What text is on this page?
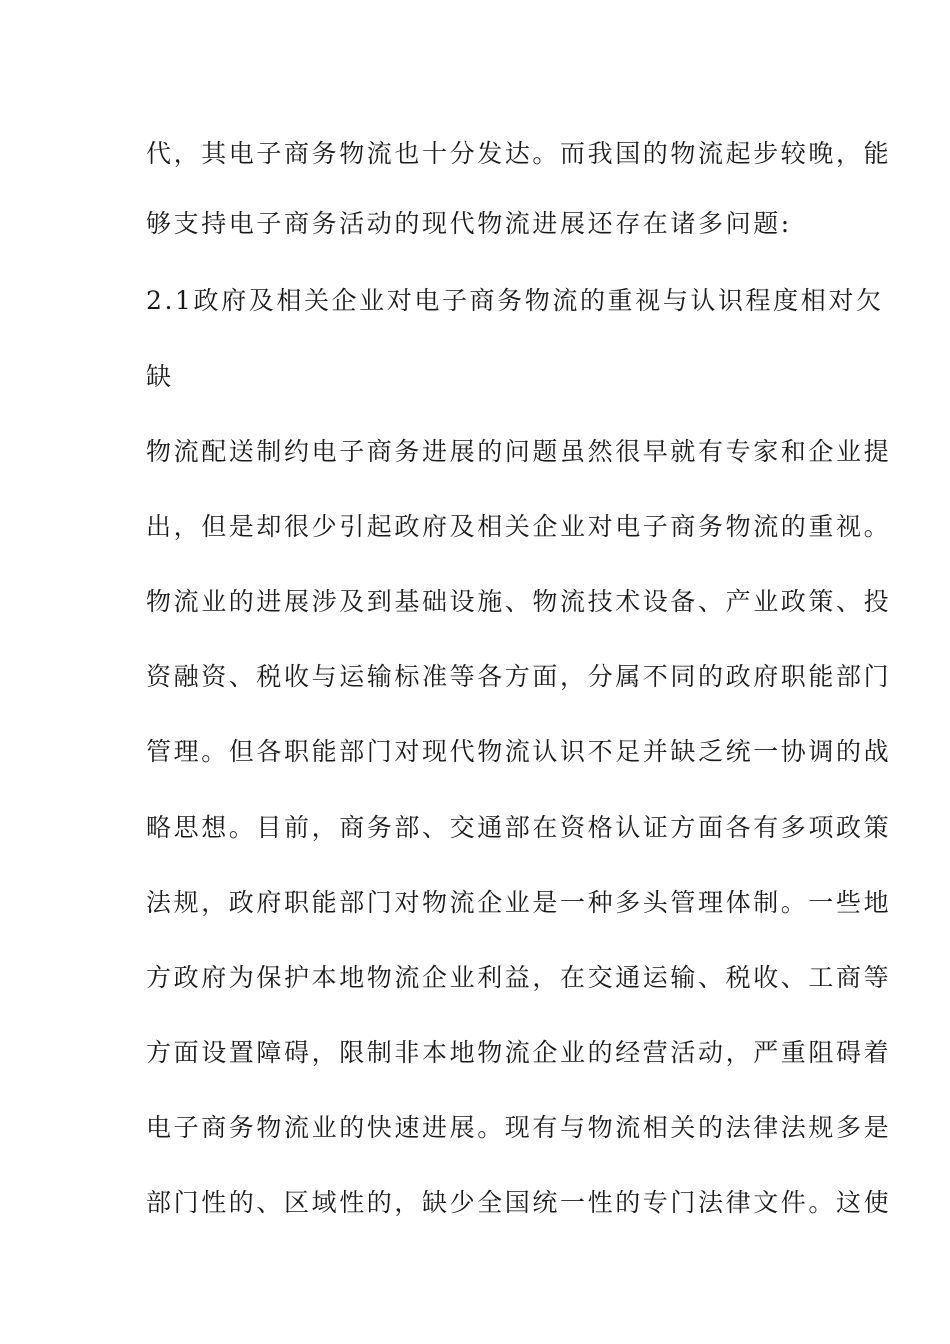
代，其电子商务物流也十分发达。而我国的物流起步较晚，能
够支持电子商务活动的现代物流进展还存在诸多问题:
2.1政府及相关企业对电子商务物流的重视与认识程度相对欠
缺
物流配送制约电子商务进展的问题虽然很早就有专家和企业提
出，但是却很少引起政府及相关企业对电子商务物流的重视。
物流业的进展涉及到基础设施、物流技术设备、产业政策、投
资融资、税收与运输标准等各方面，分属不同的政府职能部门
管理。但各职能部门对现代物流认识不足并缺乏统一协调的战
略思想。目前，商务部、交通部在资格认证方面各有多项政策
法规，政府职能部门对物流企业是一种多头管理体制。一些地
方政府为保护本地物流企业利益，在交通运输、税收、工商等
方面设置障碍，限制非本地物流企业的经营活动，严重阻碍着
电子商务物流业的快速进展。现有与物流相关的法律法规多是
部门性的、区域性的，缺少全国统一性的专门法律文件。这使
